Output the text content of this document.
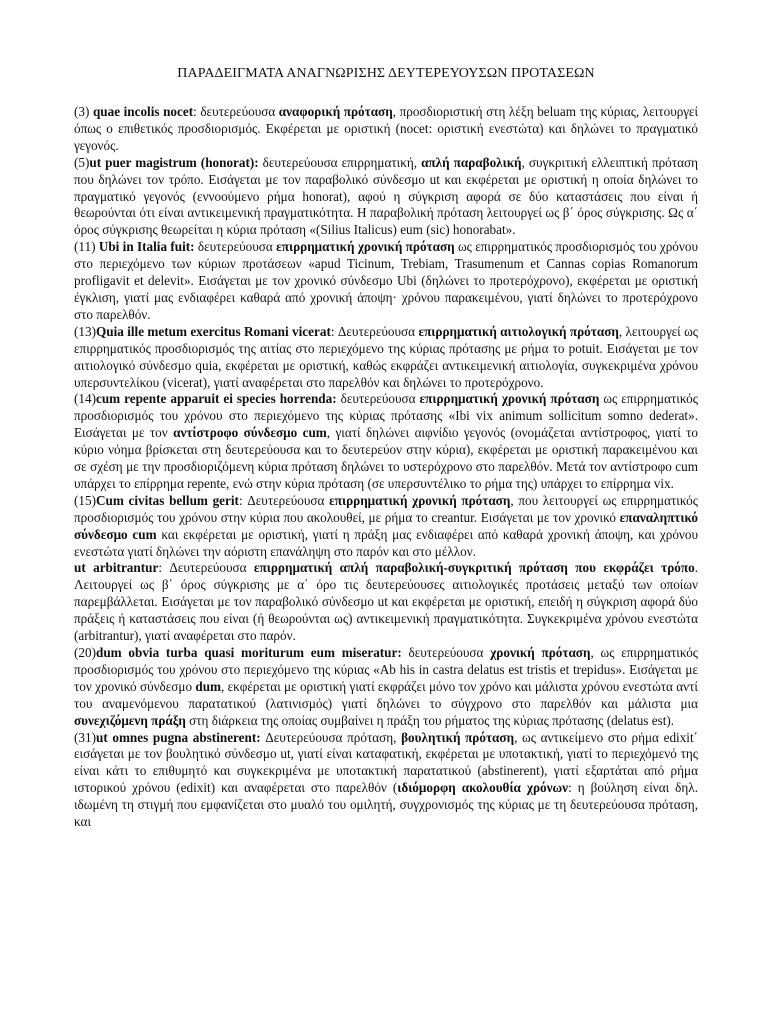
ΠΑΡΑΔΕΙΓΜΑΤΑ ΑΝΑΓΝΩΡΙΣΗΣ ΔΕΥΤΕΡΕΥΟΥΣΩΝ ΠΡΟΤΑΣΕΩΝ

(3) quae incolis nocet: δευτερεύουσα αναφορική πρόταση, προσδιοριστική στη λέξη beluam της κύριας, λειτουργεί όπως ο επιθετικός προσδιορισμός. Εκφέρεται με οριστική (nocet: οριστική ενεστώτα) και δηλώνει το πραγματικό γεγονός.

(5)ut puer magistrum (honorat): δευτερεύουσα επιρρηματική, απλή παραβολική, συγκριτική ελλειπτική πρόταση που δηλώνει τον τρόπο. Εισάγεται με τον παραβολικό σύνδεσμο ut και εκφέρεται με οριστική η οποία δηλώνει το πραγματικό γεγονός (εννοούμενο ρήμα honorat), αφού η σύγκριση αφορά σε δύο καταστάσεις που είναι ή θεωρούνται ότι είναι αντικειμενική πραγματικότητα. Η παραβολική πρόταση λειτουργεί ως β΄ όρος σύγκρισης. Ως α΄ όρος σύγκρισης θεωρείται η κύρια πρόταση «(Silius Italicus) eum (sic) honorabat».

(11) Ubi in Italia fuit: δευτερεύουσα επιρρηματική χρονική πρόταση ως επιρρηματικός προσδιορισμός του χρόνου στο περιεχόμενο των κύριων προτάσεων «apud Ticinum, Trebiam, Trasumenum et Cannas copias Romanorum profligavit et delevit». Εισάγεται με τον χρονικό σύνδεσμο Ubi (δηλώνει το προτερόχρονο), εκφέρεται με οριστική έγκλιση, γιατί μας ενδιαφέρει καθαρά από χρονική άποψη· χρόνου παρακειμένου, γιατί δηλώνει το προτερόχρονο στο παρελθόν.

(13)Quia ille metum exercitus Romani vicerat: Δευτερεύουσα επιρρηματική αιτιολογική πρόταση, λειτουργεί ως επιρρηματικός προσδιορισμός της αιτίας στο περιεχόμενο της κύριας πρότασης με ρήμα το potuit. Εισάγεται με τον αιτιολογικό σύνδεσμο quia, εκφέρεται με οριστική, καθώς εκφράζει αντικειμενική αιτιολογία, συγκεκριμένα χρόνου υπερσυντελίκου (vicerat), γιατί αναφέρεται στο παρελθόν και δηλώνει το προτερόχρονο.

(14)cum repente apparuit ei species horrenda: δευτερεύουσα επιρρηματική χρονική πρόταση ως επιρρηματικός προσδιορισμός του χρόνου στο περιεχόμενο της κύριας πρότασης «Ibi vix animum sollicitum somno dederat». Εισάγεται με τον αντίστροφο σύνδεσμο cum, γιατί δηλώνει αιφνίδιο γεγονός (ονομάζεται αντίστροφος, γιατί το κύριο νόημα βρίσκεται στη δευτερεύουσα και το δευτερεύον στην κύρια), εκφέρεται με οριστική παρακειμένου και σε σχέση με την προσδιοριζόμενη κύρια πρόταση δηλώνει το υστερόχρονο στο παρελθόν. Μετά τον αντίστροφο cum υπάρχει το επίρρημα repente, ενώ στην κύρια πρόταση (σε υπερσυντέλικο το ρήμα της) υπάρχει το επίρρημα vix.

(15)Cum civitas bellum gerit: Δευτερεύουσα επιρρηματική χρονική πρόταση, που λειτουργεί ως επιρρηματικός προσδιορισμός του χρόνου στην κύρια που ακολουθεί, με ρήμα το creantur. Εισάγεται με τον χρονικό επαναληπτικό σύνδεσμο cum και εκφέρεται με οριστική, γιατί η πράξη μας ενδιαφέρει από καθαρά χρονική άποψη, και χρόνου ενεστώτα γιατί δηλώνει την αόριστη επανάληψη στο παρόν και στο μέλλον.

ut arbitrantur: Δευτερεύουσα επιρρηματική απλή παραβολική-συγκριτική πρόταση που εκφράζει τρόπο. Λειτουργεί ως β΄ όρος σύγκρισης με α΄ όρο τις δευτερεύουσες αιτιολογικές προτάσεις μεταξύ των οποίων παρεμβάλλεται. Εισάγεται με τον παραβολικό σύνδεσμο ut και εκφέρεται με οριστική, επειδή η σύγκριση αφορά δύο πράξεις ή καταστάσεις που είναι (ή θεωρούνται ως) αντικειμενική πραγματικότητα. Συγκεκριμένα χρόνου ενεστώτα (arbitrantur), γιατί αναφέρεται στο παρόν.

(20)dum obvia turba quasi moriturum eum miseratur: δευτερεύουσα χρονική πρόταση, ως επιρρηματικός προσδιορισμός του χρόνου στο περιεχόμενο της κύριας «Ab his in castra delatus est tristis et trepidus». Εισάγεται με τον χρονικό σύνδεσμο dum, εκφέρεται με οριστική γιατί εκφράζει μόνο τον χρόνο και μάλιστα χρόνου ενεστώτα αντί του αναμενόμενου παρατατικού (λατινισμός) γιατί δηλώνει το σύγχρονο στο παρελθόν και μάλιστα μια συνεχιζόμενη πράξη στη διάρκεια της οποίας συμβαίνει η πράξη του ρήματος της κύριας πρότασης (delatus est).

(31)ut omnes pugna abstinerent: Δευτερεύουσα πρόταση, βουλητική πρόταση, ως αντικείμενο στο ρήμα edixit΄ εισάγεται με τον βουλητικό σύνδεσμο ut, γιατί είναι καταφατική, εκφέρεται με υποτακτική, γιατί το περιεχόμενό της είναι κάτι το επιθυμητό και συγκεκριμένα με υποτακτική παρατατικού (abstinerent), γιατί εξαρτάται από ρήμα ιστορικού χρόνου (edixit) και αναφέρεται στο παρελθόν (ιδιόμορφη ακολουθία χρόνων: η βούληση είναι δηλ. ιδωμένη τη στιγμή που εμφανίζεται στο μυαλό του ομιλητή, συγχρονισμός της κύριας με τη δευτερεύουσα πρόταση, και
